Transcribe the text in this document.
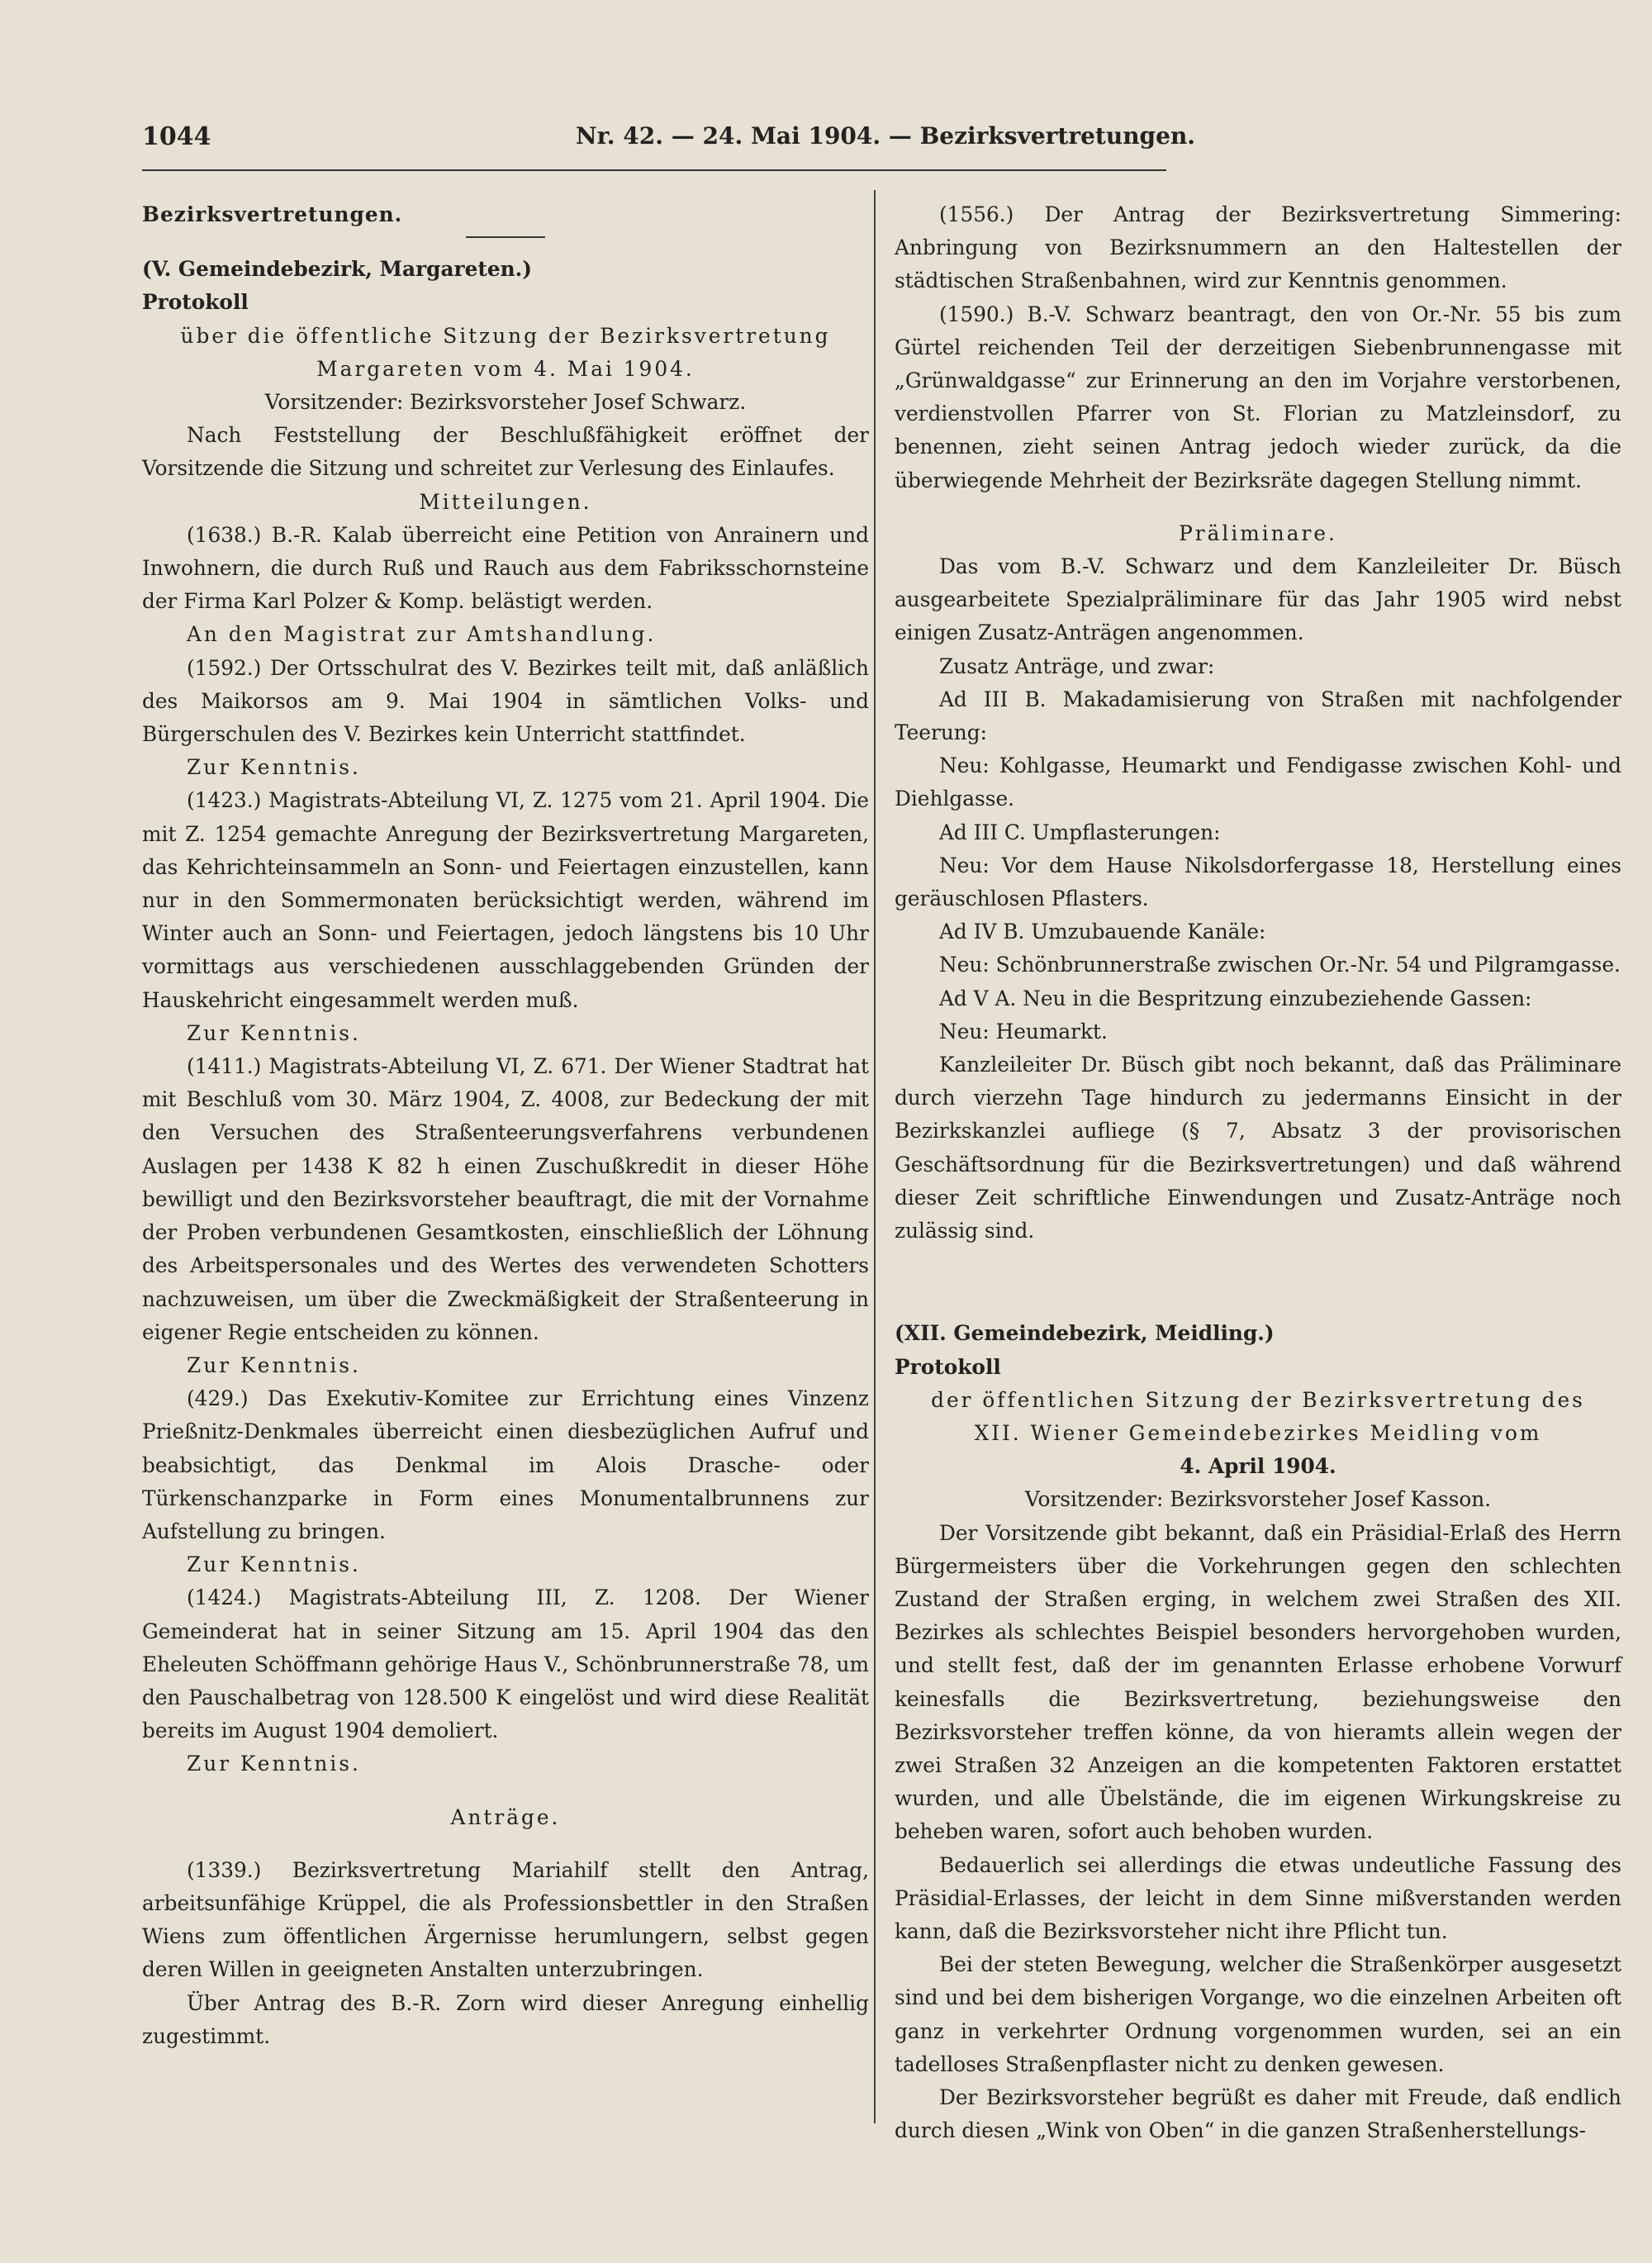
1044	Nr. 42. — 24. Mai 1904. — Bezirksvertretungen.

Bezirksvertretungen.

(V. Gemeindebezirk, Margareten.)

Protokoll

über die öffentliche Sitzung der Bezirksvertretung

Margareten vom 4. Mai 1904.

Vorsitzender: Bezirksvorsteher Josef Schwarz.

Nach Feststellung der Beschlußfähigkeit eröffnet der Vorsitzende die Sitzung und schreitet zur Verlesung des Einlaufes.

Mitteilungen.

(1638.) B.-R. Kalab überreicht eine Petition von Anrainern und Inwohnern, die durch Ruß und Rauch aus dem Fabriksschornsteine der Firma Karl Polzer & Komp. belästigt werden.

An den Magistrat zur Amtshandlung.

(1592.) Der Ortsschulrat des V. Bezirkes teilt mit, daß anläßlich des Maikorsos am 9. Mai 1904 in sämtlichen Volks- und Bürgerschulen des V. Bezirkes kein Unterricht stattfindet.

Zur Kenntnis.

(1423.) Magistrats-Abteilung VI, Z. 1275 vom 21. April 1904. Die mit Z. 1254 gemachte Anregung der Bezirksvertretung Margareten, das Kehrichteinsammeln an Sonn- und Feiertagen einzustellen, kann nur in den Sommermonaten berücksichtigt werden, während im Winter auch an Sonn- und Feiertagen, jedoch längstens bis 10 Uhr vormittags aus verschiedenen ausschlaggebenden Gründen der Hauskehricht eingesammelt werden muß.

Zur Kenntnis.

(1411.) Magistrats-Abteilung VI, Z. 671. Der Wiener Stadtrat hat mit Beschluß vom 30. März 1904, Z. 4008, zur Bedeckung der mit den Versuchen des Straßenteerungsverfahrens verbundenen Auslagen per 1438 K 82 h einen Zuschußkredit in dieser Höhe bewilligt und den Bezirksvorsteher beauftragt, die mit der Vornahme der Proben verbundenen Gesamtkosten, einschließlich der Löhnung des Arbeitspersonales und des Wertes des verwendeten Schotters nachzuweisen, um über die Zweckmäßigkeit der Straßenteerung in eigener Regie entscheiden zu können.

Zur Kenntnis.

(429.) Das Exekutiv-Komitee zur Errichtung eines Vinzenz Prießnitz-Denkmales überreicht einen diesbezüglichen Aufruf und beabsichtigt, das Denkmal im Alois Drasche- oder Türkenschanzparke in Form eines Monumentalbrunnens zur Aufstellung zu bringen.

Zur Kenntnis.

(1424.) Magistrats-Abteilung III, Z. 1208. Der Wiener Gemeinderat hat in seiner Sitzung am 15. April 1904 das den Eheleuten Schöffmann gehörige Haus V., Schönbrunnerstraße 78, um den Pauschalbetrag von 128.500 K eingelöst und wird diese Realität bereits im August 1904 demoliert.

Zur Kenntnis.

Anträge.

(1339.) Bezirksvertretung Mariahilf stellt den Antrag, arbeitsunfähige Krüppel, die als Professionsbettler in den Straßen Wiens zum öffentlichen Ärgernisse herumlungern, selbst gegen deren Willen in geeigneten Anstalten unterzubringen.

Über Antrag des B.-R. Zorn wird dieser Anregung einhellig zugestimmt.

(1556.) Der Antrag der Bezirksvertretung Simmering: Anbringung von Bezirksnummern an den Haltestellen der städtischen Straßenbahnen, wird zur Kenntnis genommen.

(1590.) B.-V. Schwarz beantragt, den von Or.-Nr. 55 bis zum Gürtel reichenden Teil der derzeitigen Siebenbrunnengasse mit „Grünwaldgasse“ zur Erinnerung an den im Vorjahre verstorbenen, verdienstvollen Pfarrer von St. Florian zu Matzleinsdorf, zu benennen, zieht seinen Antrag jedoch wieder zurück, da die überwiegende Mehrheit der Bezirksräte dagegen Stellung nimmt.

Präliminare.

Das vom B.-V. Schwarz und dem Kanzleileiter Dr. Büsch ausgearbeitete Spezialpräliminare für das Jahr 1905 wird nebst einigen Zusatz-Anträgen angenommen.

Zusatz Anträge, und zwar:

Ad III B. Makadamisierung von Straßen mit nachfolgender Teerung:

Neu: Kohlgasse, Heumarkt und Fendigasse zwischen Kohl- und Diehlgasse.

Ad III C. Umpflasterungen:

Neu: Vor dem Hause Nikolsdorfergasse 18, Herstellung eines geräuschlosen Pflasters.

Ad IV B. Umzubauende Kanäle:

Neu: Schönbrunnerstraße zwischen Or.-Nr. 54 und Pilgramgasse.

Ad V A. Neu in die Bespritzung einzubeziehende Gassen:

Neu: Heumarkt.

Kanzleileiter Dr. Büsch gibt noch bekannt, daß das Präliminare durch vierzehn Tage hindurch zu jedermanns Einsicht in der Bezirkskanzlei aufliege (§ 7, Absatz 3 der provisorischen Geschäftsordnung für die Bezirksvertretungen) und daß während dieser Zeit schriftliche Einwendungen und Zusatz-Anträge noch zulässig sind.

(XII. Gemeindebezirk, Meidling.)

Protokoll

der öffentlichen Sitzung der Bezirksvertretung des

XII. Wiener Gemeindebezirkes Meidling vom

4. April 1904.

Vorsitzender: Bezirksvorsteher Josef Kasson.

Der Vorsitzende gibt bekannt, daß ein Präsidial-Erlaß des Herrn Bürgermeisters über die Vorkehrungen gegen den schlechten Zustand der Straßen erging, in welchem zwei Straßen des XII. Bezirkes als schlechtes Beispiel besonders hervorgehoben wurden, und stellt fest, daß der im genannten Erlasse erhobene Vorwurf keinesfalls die Bezirksvertretung, beziehungsweise den Bezirksvorsteher treffen könne, da von hieramts allein wegen der zwei Straßen 32 Anzeigen an die kompetenten Faktoren erstattet wurden, und alle Übelstände, die im eigenen Wirkungskreise zu beheben waren, sofort auch behoben wurden.

Bedauerlich sei allerdings die etwas undeutliche Fassung des Präsidial-Erlasses, der leicht in dem Sinne mißverstanden werden kann, daß die Bezirksvorsteher nicht ihre Pflicht tun.

Bei der steten Bewegung, welcher die Straßenkörper ausgesetzt sind und bei dem bisherigen Vorgange, wo die einzelnen Arbeiten oft ganz in verkehrter Ordnung vorgenommen wurden, sei an ein tadelloses Straßenpflaster nicht zu denken gewesen.

Der Bezirksvorsteher begrüßt es daher mit Freude, daß endlich durch diesen „Wink von Oben“ in die ganzen Straßenherstellungs-
